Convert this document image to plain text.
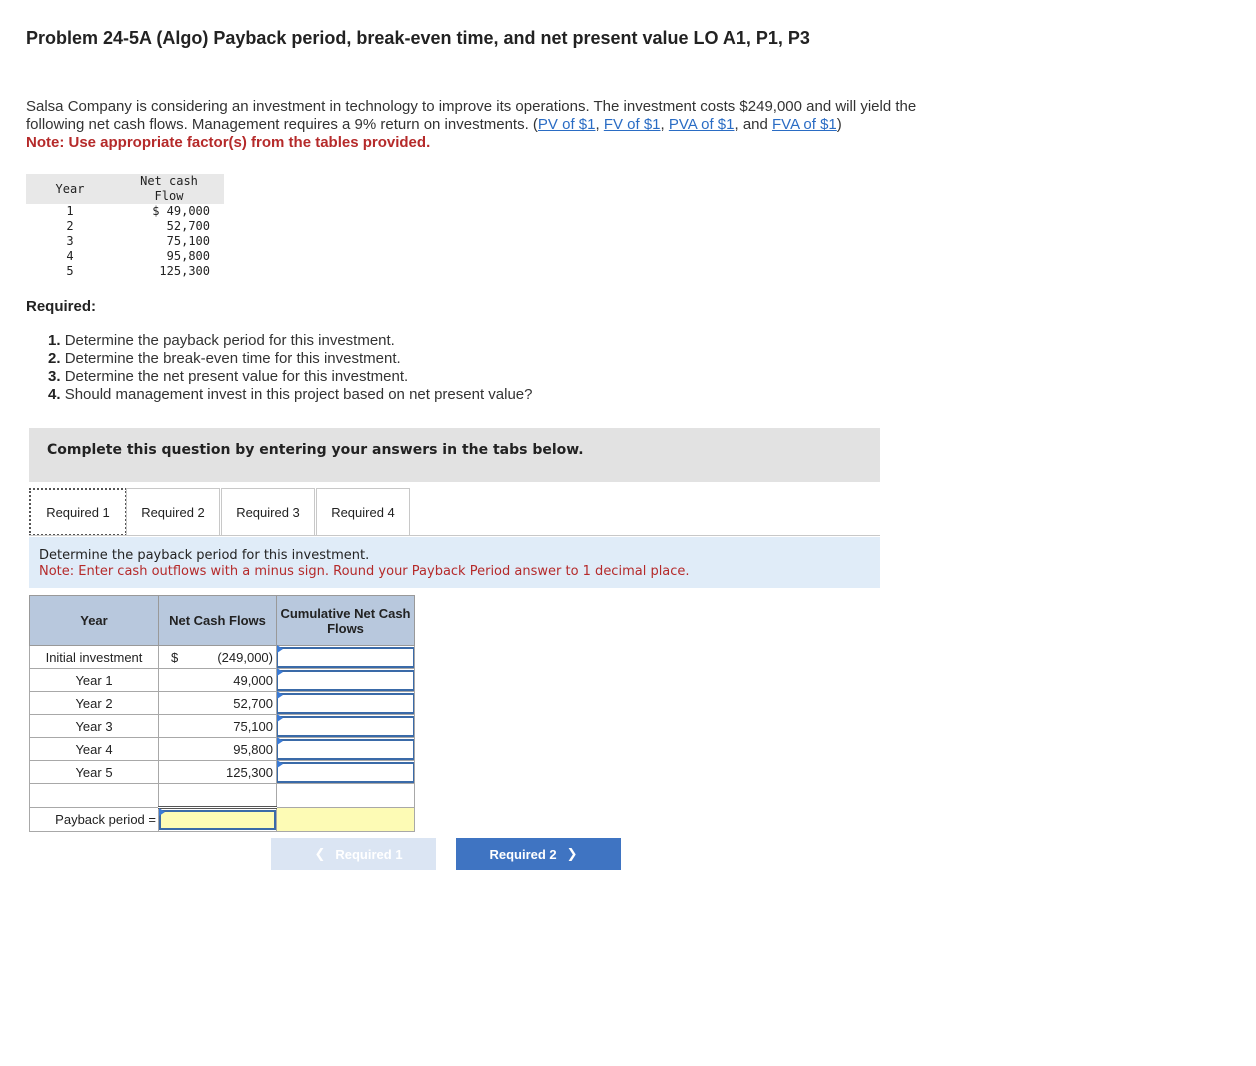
Problem 24-5A (Algo) Payback period, break-even time, and net present value LO A1, P1, P3
Salsa Company is considering an investment in technology to improve its operations. The investment costs $249,000 and will yield the
following net cash flows. Management requires a 9% return on investments. (PV of $1, FV of $1, PVA of $1, and FVA of $1)
Note: Use appropriate factor(s) from the tables provided.
Year	Net cash
Flow

1	$ 49,000
2	52,700
3	75,100
4	95,800
5	125,300
Required:
1. Determine the payback period for this investment.
2. Determine the break-even time for this investment.
3. Determine the net present value for this investment.
4. Should management invest in this project based on net present value?
Complete this question by entering your answers in the tabs below.
Required 1	Required 2	Required 3	Required 4
Determine the payback period for this investment.
Note: Enter cash outflows with a minus sign. Round your Payback Period answer to 1 decimal place.
Year	Net Cash Flows	Cumulative Net Cash
Flows

Initial investment	$ (249,000)

Year 1	49,000

Year 2	52,700

Year 3	75,100

Year 4	95,800

Year 5	125,300

Payback period =	

❮ Required 1	Required 2 ❯
